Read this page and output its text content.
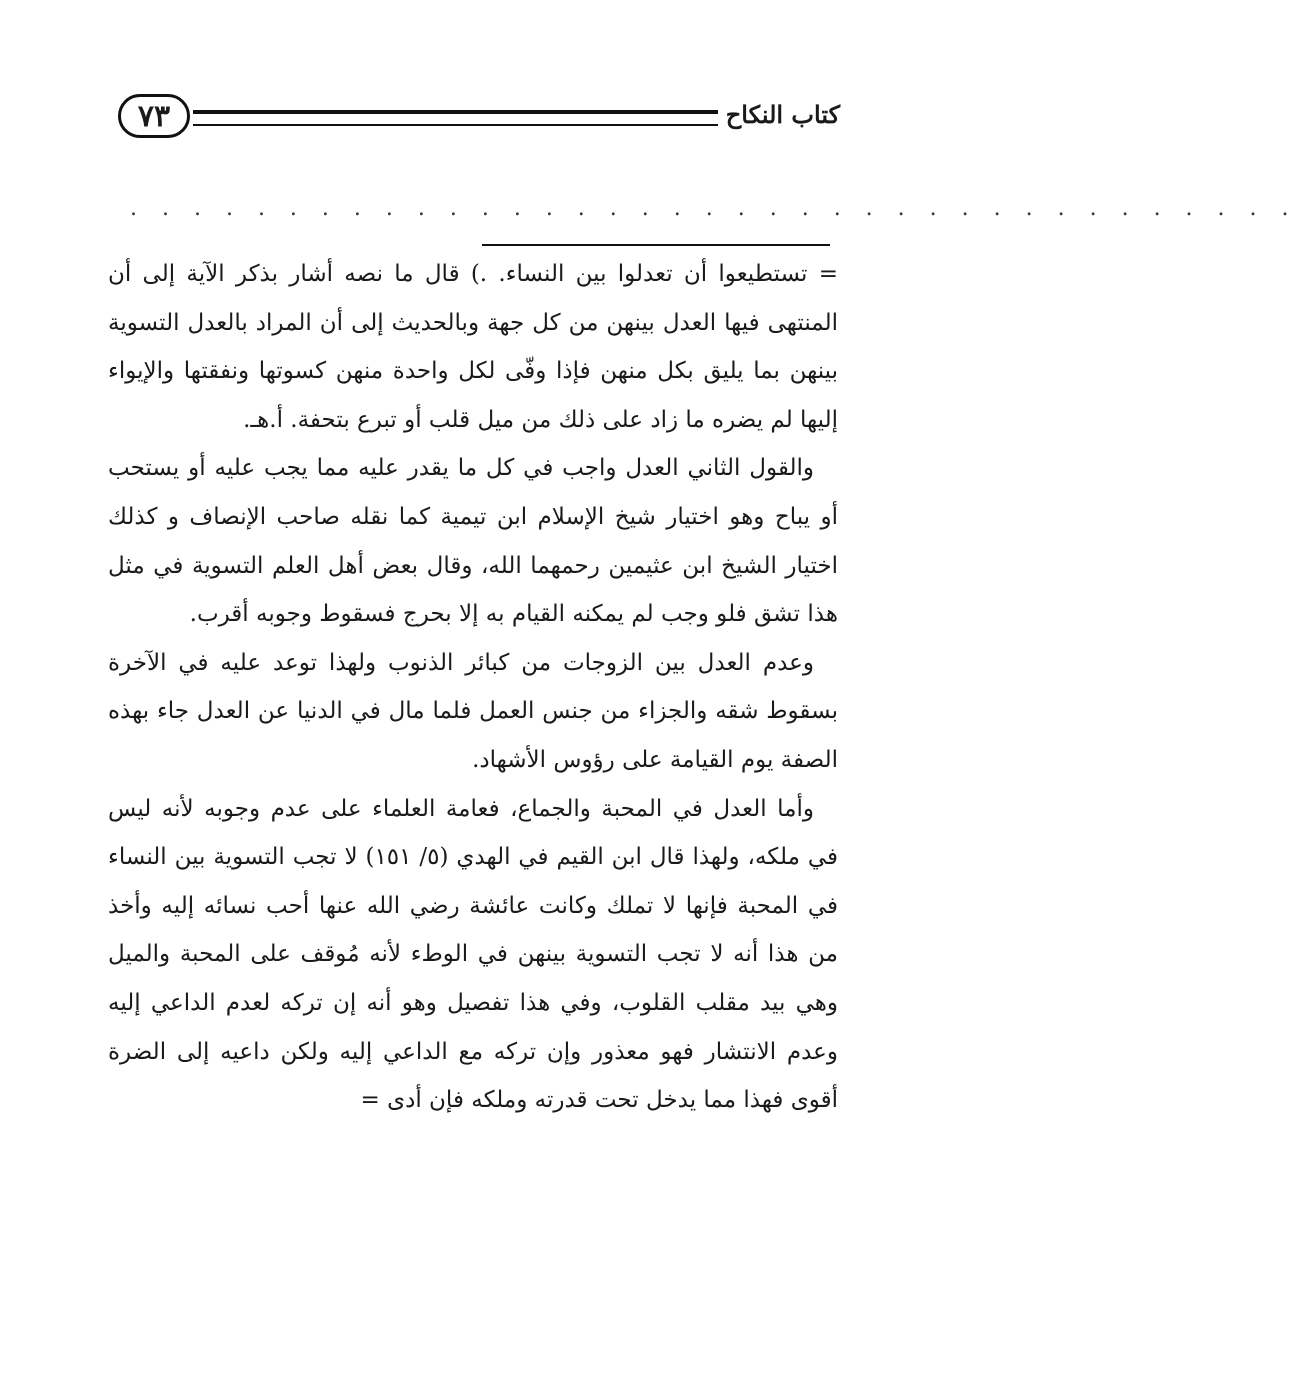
٧٣	كتاب النكاح
. . . . . . . . . . . . . . . . . . . . . . . . . . . . . . . . . . . . .

= تستطيعوا أن تعدلوا بين النساء. .) قال ما نصه أشار بذكر الآية إلى أن المنتهى فيها العدل بينهن من كل جهة وبالحديث إلى أن المراد بالعدل التسوية بينهن بما يليق بكل منهن فإذا وفّى لكل واحدة منهن كسوتها ونفقتها والإيواء إليها لم يضره ما زاد على ذلك من ميل قلب أو تبرع بتحفة. أ.هـ.

والقول الثاني العدل واجب في كل ما يقدر عليه مما يجب عليه أو يستحب أو يباح وهو اختيار شيخ الإسلام ابن تيمية كما نقله صاحب الإنصاف و كذلك اختيار الشيخ ابن عثيمين رحمهما الله، وقال بعض أهل العلم التسوية في مثل هذا تشق فلو وجب لم يمكنه القيام به إلا بحرج فسقوط وجوبه أقرب.

وعدم العدل بين الزوجات من كبائر الذنوب ولهذا توعد عليه في الآخرة بسقوط شقه والجزاء من جنس العمل فلما مال في الدنيا عن العدل جاء بهذه الصفة يوم القيامة على رؤوس الأشهاد.

وأما العدل في المحبة والجماع، فعامة العلماء على عدم وجوبه لأنه ليس في ملكه، ولهذا قال ابن القيم في الهدي (٥/ ١٥١) لا تجب التسوية بين النساء في المحبة فإنها لا تملك وكانت عائشة رضي الله عنها أحب نسائه إليه وأخذ من هذا أنه لا تجب التسوية بينهن في الوطء لأنه مُوقف على المحبة والميل وهي بيد مقلب القلوب، وفي هذا تفصيل وهو أنه إن تركه لعدم الداعي إليه وعدم الانتشار فهو معذور وإن تركه مع الداعي إليه ولكن داعيه إلى الضرة أقوى فهذا مما يدخل تحت قدرته وملكه فإن أدى =
